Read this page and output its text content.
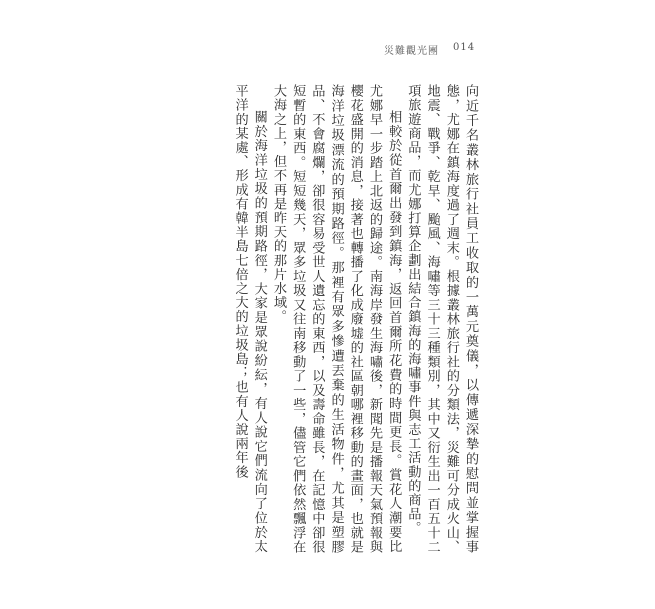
災難觀光團 014

向近千名叢林旅行社員工收取的一萬元奠儀，以傳遞深摯的慰問並掌握事態，尤娜在鎮海度過了週末。根據叢林旅行社的分類法，災難可分成火山、地震、戰爭、乾旱、颱風、海嘯等三十三種類別，其中又衍生出一百五十二項旅遊商品，而尤娜打算企劃出結合鎮海的海嘯事件與志工活動的商品。

相較於從首爾出發到鎮海，返回首爾所花費的時間更長。賞花人潮要比尤娜早一步踏上北返的歸途。南海岸發生海嘯後，新聞先是播報天氣預報與櫻花盛開的消息，接著也轉播了化成廢墟的社區朝哪裡移動的畫面，也就是海洋垃圾漂流的預期路徑。那裡有眾多慘遭丟棄的生活物件，尤其是塑膠品、不會腐爛，卻很容易受世人遺忘的東西，以及壽命雖長，在記憶中卻很短暫的東西。短短幾天，眾多垃圾又往南移動了一些，儘管它們依然飄浮在大海之上，但不再是昨天的那片水域。

關於海洋垃圾的預期路徑，大家是眾說紛紜，有人說它們流向了位於太平洋的某處、形成有韓半島七倍之大的垃圾島；也有人說兩年後
